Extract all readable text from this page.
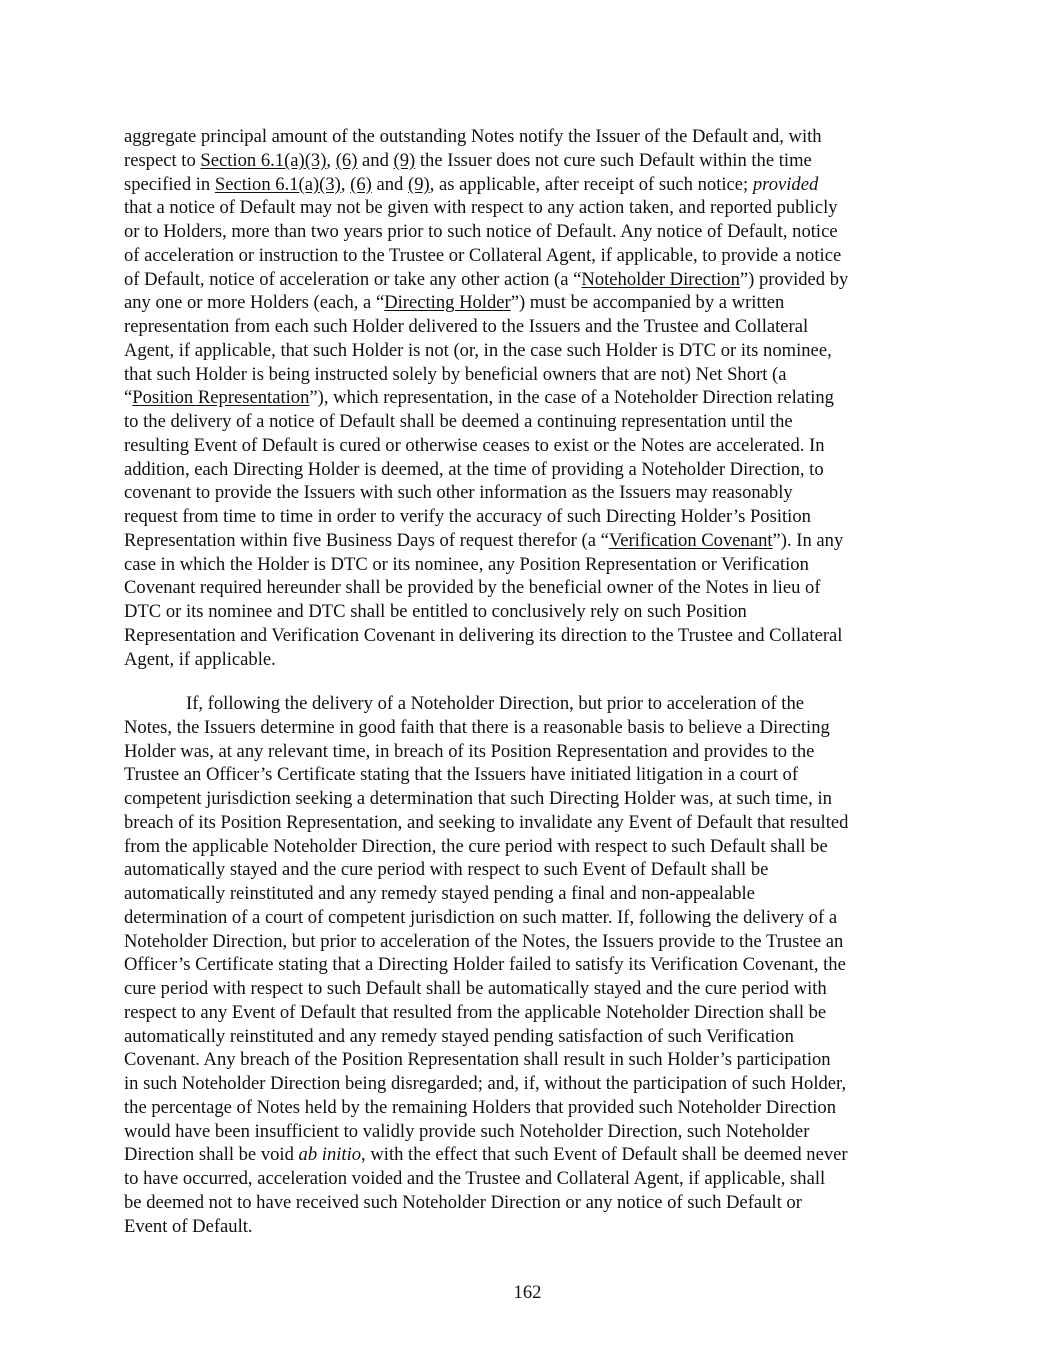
aggregate principal amount of the outstanding Notes notify the Issuer of the Default and, with
respect to Section 6.1(a)(3), (6) and (9) the Issuer does not cure such Default within the time
specified in Section 6.1(a)(3), (6) and (9), as applicable, after receipt of such notice; provided
that a notice of Default may not be given with respect to any action taken, and reported publicly
or to Holders, more than two years prior to such notice of Default. Any notice of Default, notice
of acceleration or instruction to the Trustee or Collateral Agent, if applicable, to provide a notice
of Default, notice of acceleration or take any other action (a “Noteholder Direction”) provided by
any one or more Holders (each, a “Directing Holder”) must be accompanied by a written
representation from each such Holder delivered to the Issuers and the Trustee and Collateral
Agent, if applicable, that such Holder is not (or, in the case such Holder is DTC or its nominee,
that such Holder is being instructed solely by beneficial owners that are not) Net Short (a
“Position Representation”), which representation, in the case of a Noteholder Direction relating
to the delivery of a notice of Default shall be deemed a continuing representation until the
resulting Event of Default is cured or otherwise ceases to exist or the Notes are accelerated. In
addition, each Directing Holder is deemed, at the time of providing a Noteholder Direction, to
covenant to provide the Issuers with such other information as the Issuers may reasonably
request from time to time in order to verify the accuracy of such Directing Holder’s Position
Representation within five Business Days of request therefor (a “Verification Covenant”). In any
case in which the Holder is DTC or its nominee, any Position Representation or Verification
Covenant required hereunder shall be provided by the beneficial owner of the Notes in lieu of
DTC or its nominee and DTC shall be entitled to conclusively rely on such Position
Representation and Verification Covenant in delivering its direction to the Trustee and Collateral
Agent, if applicable.
If, following the delivery of a Noteholder Direction, but prior to acceleration of the
Notes, the Issuers determine in good faith that there is a reasonable basis to believe a Directing
Holder was, at any relevant time, in breach of its Position Representation and provides to the
Trustee an Officer’s Certificate stating that the Issuers have initiated litigation in a court of
competent jurisdiction seeking a determination that such Directing Holder was, at such time, in
breach of its Position Representation, and seeking to invalidate any Event of Default that resulted
from the applicable Noteholder Direction, the cure period with respect to such Default shall be
automatically stayed and the cure period with respect to such Event of Default shall be
automatically reinstituted and any remedy stayed pending a final and non-appealable
determination of a court of competent jurisdiction on such matter. If, following the delivery of a
Noteholder Direction, but prior to acceleration of the Notes, the Issuers provide to the Trustee an
Officer’s Certificate stating that a Directing Holder failed to satisfy its Verification Covenant, the
cure period with respect to such Default shall be automatically stayed and the cure period with
respect to any Event of Default that resulted from the applicable Noteholder Direction shall be
automatically reinstituted and any remedy stayed pending satisfaction of such Verification
Covenant. Any breach of the Position Representation shall result in such Holder’s participation
in such Noteholder Direction being disregarded; and, if, without the participation of such Holder,
the percentage of Notes held by the remaining Holders that provided such Noteholder Direction
would have been insufficient to validly provide such Noteholder Direction, such Noteholder
Direction shall be void ab initio, with the effect that such Event of Default shall be deemed never
to have occurred, acceleration voided and the Trustee and Collateral Agent, if applicable, shall
be deemed not to have received such Noteholder Direction or any notice of such Default or
Event of Default.
162
